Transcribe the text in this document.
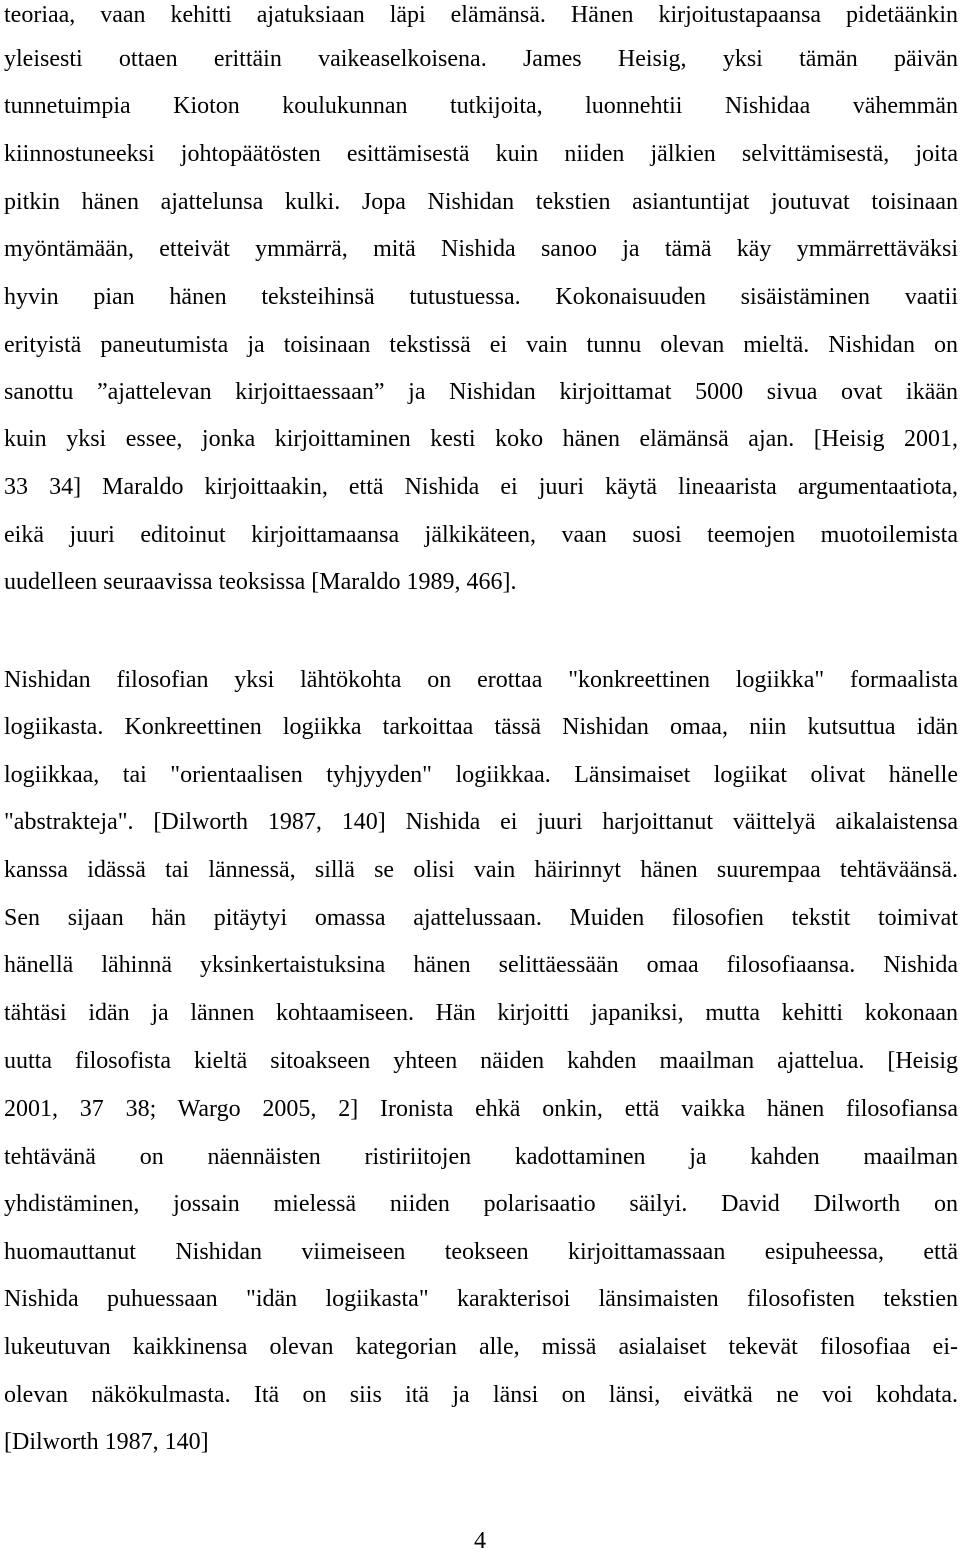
teoriaa, vaan kehitti ajatuksiaan läpi elämänsä. Hänen kirjoitustapaansa pidetäänkin
yleisesti ottaen erittäin vaikeaselkoisena. James Heisig, yksi tämän päivän
tunnetuimpia Kioton koulukunnan tutkijoita, luonnehtii Nishidaa vähemmän
kiinnostuneeksi johtopäätösten esittämisestä kuin niiden jälkien selvittämisestä, joita
pitkin hänen ajattelunsa kulki. Jopa Nishidan tekstien asiantuntijat joutuvat toisinaan
myöntämään, etteivät ymmärrä, mitä Nishida sanoo ja tämä käy ymmärrettäväksi
hyvin pian hänen teksteihinsä tutustuessa. Kokonaisuuden sisäistäminen vaatii
erityistä paneutumista ja toisinaan tekstissä ei vain tunnu olevan mieltä. Nishidan on
sanottu ”ajattelevan kirjoittaessaan” ja Nishidan kirjoittamat 5000 sivua ovat ikään
kuin yksi essee, jonka kirjoittaminen kesti koko hänen elämänsä ajan. [Heisig 2001,
33 34] Maraldo kirjoittaakin, että Nishida ei juuri käytä lineaarista argumentaatiota,
eikä juuri editoinut kirjoittamaansa jälkikäteen, vaan suosi teemojen muotoilemista
uudelleen seuraavissa teoksissa [Maraldo 1989, 466].
Nishidan filosofian yksi lähtökohta on erottaa "konkreettinen logiikka" formaalista
logiikasta. Konkreettinen logiikka tarkoittaa tässä Nishidan omaa, niin kutsuttua idän
logiikkaa, tai "orientaalisen tyhjyyden" logiikkaa. Länsimaiset logiikat olivat hänelle
"abstrakteja". [Dilworth 1987, 140] Nishida ei juuri harjoittanut väittelyä aikalaistensa
kanssa idässä tai lännessä, sillä se olisi vain häirinnyt hänen suurempaa tehtäväänsä.
Sen sijaan hän pitäytyi omassa ajattelussaan. Muiden filosofien tekstit toimivat
hänellä lähinnä yksinkertaistuksina hänen selittäessään omaa filosofiaansa. Nishida
tähtäsi idän ja lännen kohtaamiseen. Hän kirjoitti japaniksi, mutta kehitti kokonaan
uutta filosofista kieltä sitoakseen yhteen näiden kahden maailman ajattelua. [Heisig
2001, 37 38; Wargo 2005, 2] Ironista ehkä onkin, että vaikka hänen filosofiansa
tehtävänä on näennäisten ristiriitojen kadottaminen ja kahden maailman
yhdistäminen, jossain mielessä niiden polarisaatio säilyi. David Dilworth on
huomauttanut Nishidan viimeiseen teokseen kirjoittamassaan esipuheessa, että
Nishida puhuessaan "idän logiikasta" karakterisoi länsimaisten filosofisten tekstien
lukeutuvan kaikkinensa olevan kategorian alle, missä asialaiset tekevät filosofiaa ei-
olevan näkökulmasta. Itä on siis itä ja länsi on länsi, eivätkä ne voi kohdata.
[Dilworth 1987, 140]
4
